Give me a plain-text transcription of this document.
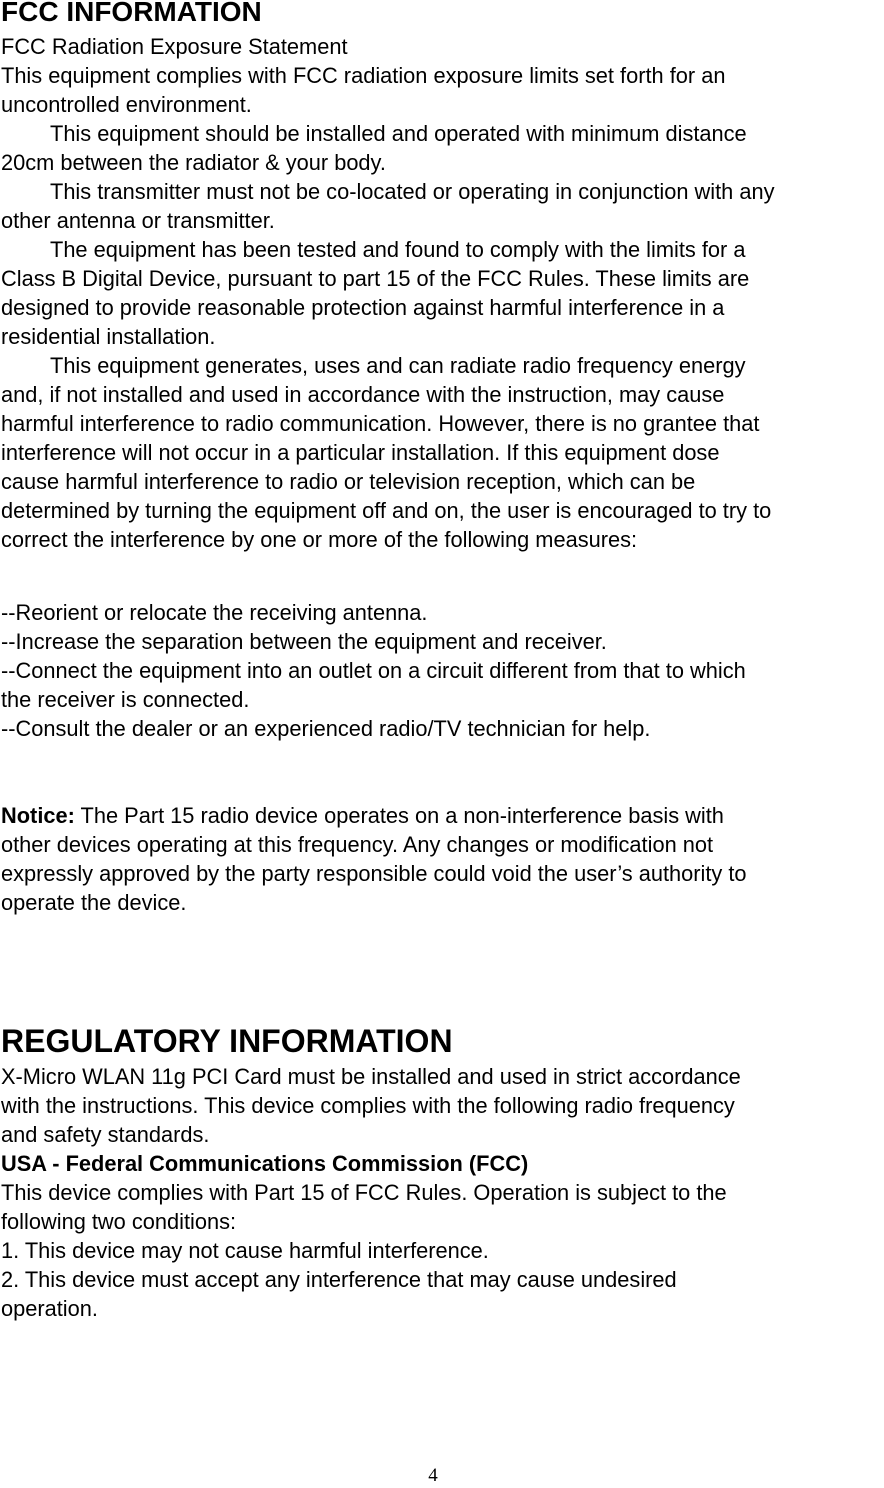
FCC INFORMATION

FCC Radiation Exposure Statement

This equipment complies with FCC radiation exposure limits set forth for an

uncontrolled environment.

This equipment should be installed and operated with minimum distance

20cm between the radiator & your body.

This transmitter must not be co-located or operating in conjunction with any

other antenna or transmitter.

The equipment has been tested and found to comply with the limits for a

Class B Digital Device, pursuant to part 15 of the FCC Rules. These limits are

designed to provide reasonable protection against harmful interference in a

residential installation.

This equipment generates, uses and can radiate radio frequency energy

and, if not installed and used in accordance with the instruction, may cause

harmful interference to radio communication. However, there is no grantee that

interference will not occur in a particular installation. If this equipment dose

cause harmful interference to radio or television reception, which can be

determined by turning the equipment off and on, the user is encouraged to try to

correct the interference by one or more of the following measures:

--Reorient or relocate the receiving antenna.

--Increase the separation between the equipment and receiver.

--Connect the equipment into an outlet on a circuit different from that to which

the receiver is connected.

--Consult the dealer or an experienced radio/TV technician for help.

Notice: The Part 15 radio device operates on a non-interference basis with

other devices operating at this frequency. Any changes or modification not

expressly approved by the party responsible could void the user’s authority to

operate the device.

REGULATORY INFORMATION

X-Micro WLAN 11g PCI Card must be installed and used in strict accordance

with the instructions. This device complies with the following radio frequency

and safety standards.

USA - Federal Communications Commission (FCC)

This device complies with Part 15 of FCC Rules. Operation is subject to the

following two conditions:

1. This device may not cause harmful interference.

2. This device must accept any interference that may cause undesired

operation.

4
